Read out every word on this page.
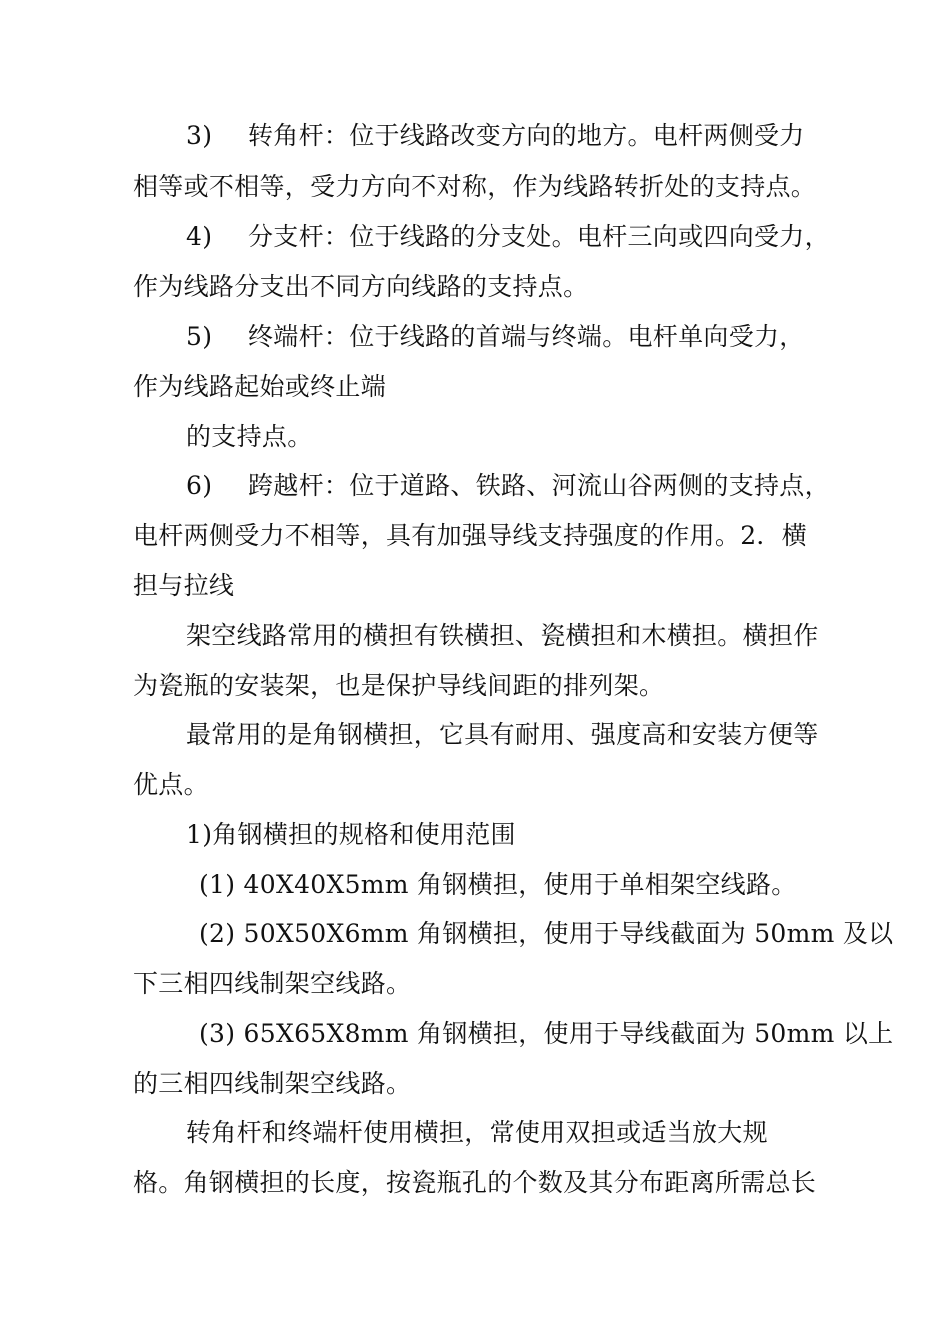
3) 转角杆：位于线路改变方向的地方。电杆两侧受力
相等或不相等，受力方向不对称，作为线路转折处的支持点。
4) 分支杆：位于线路的分支处。电杆三向或四向受力，
作为线路分支出不同方向线路的支持点。
5) 终端杆：位于线路的首端与终端。电杆单向受力，
作为线路起始或终止端
的支持点。
6) 跨越杆：位于道路、铁路、河流山谷两侧的支持点，
电杆两侧受力不相等，具有加强导线支持强度的作用。2．横
担与拉线
架空线路常用的横担有铁横担、瓷横担和木横担。横担作
为瓷瓶的安装架，也是保护导线间距的排列架。
最常用的是角钢横担，它具有耐用、强度高和安装方便等
优点。
1)角钢横担的规格和使用范围
(1) 40X40X5mm 角钢横担，使用于单相架空线路。
(2) 50X50X6mm 角钢横担，使用于导线截面为 50mm 及以
下三相四线制架空线路。
(3) 65X65X8mm 角钢横担，使用于导线截面为 50mm 以上
的三相四线制架空线路。
转角杆和终端杆使用横担，常使用双担或适当放大规
格。角钢横担的长度，按瓷瓶孔的个数及其分布距离所需总长
